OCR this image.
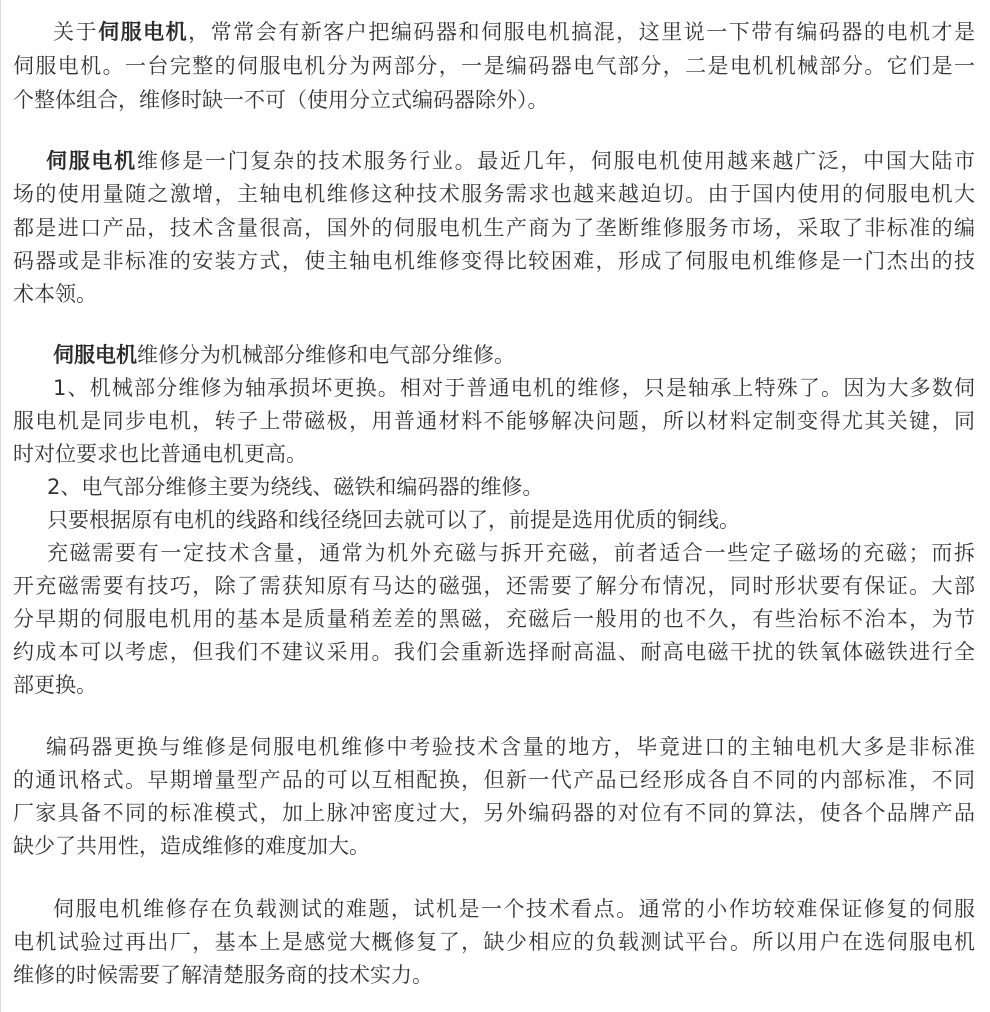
关于伺服电机，常常会有新客户把编码器和伺服电机搞混，这里说一下带有编码器的电机才是
伺服电机。一台完整的伺服电机分为两部分，一是编码器电气部分，二是电机机械部分。它们是一
个整体组合，维修时缺一不可（使用分立式编码器除外）。
伺服电机维修是一门复杂的技术服务行业。最近几年，伺服电机使用越来越广泛，中国大陆市
场的使用量随之激增，主轴电机维修这种技术服务需求也越来越迫切。由于国内使用的伺服电机大
都是进口产品，技术含量很高，国外的伺服电机生产商为了垄断维修服务市场，采取了非标准的编
码器或是非标准的安装方式，使主轴电机维修变得比较困难，形成了伺服电机维修是一门杰出的技
术本领。
伺服电机维修分为机械部分维修和电气部分维修。
1、机械部分维修为轴承损坏更换。相对于普通电机的维修，只是轴承上特殊了。因为大多数伺
服电机是同步电机，转子上带磁极，用普通材料不能够解决问题，所以材料定制变得尤其关键，同
时对位要求也比普通电机更高。
2、电气部分维修主要为绕线、磁铁和编码器的维修。
只要根据原有电机的线路和线径绕回去就可以了，前提是选用优质的铜线。
充磁需要有一定技术含量，通常为机外充磁与拆开充磁，前者适合一些定子磁场的充磁；而拆
开充磁需要有技巧，除了需获知原有马达的磁强，还需要了解分布情况，同时形状要有保证。大部
分早期的伺服电机用的基本是质量稍差差的黑磁，充磁后一般用的也不久，有些治标不治本，为节
约成本可以考虑，但我们不建议采用。我们会重新选择耐高温、耐高电磁干扰的铁氧体磁铁进行全
部更换。
编码器更换与维修是伺服电机维修中考验技术含量的地方，毕竟进口的主轴电机大多是非标准
的通讯格式。早期增量型产品的可以互相配换，但新一代产品已经形成各自不同的内部标准，不同
厂家具备不同的标准模式，加上脉冲密度过大，另外编码器的对位有不同的算法，使各个品牌产品
缺少了共用性，造成维修的难度加大。
伺服电机维修存在负载测试的难题，试机是一个技术看点。通常的小作坊较难保证修复的伺服
电机试验过再出厂，基本上是感觉大概修复了，缺少相应的负载测试平台。所以用户在选伺服电机
维修的时候需要了解清楚服务商的技术实力。
